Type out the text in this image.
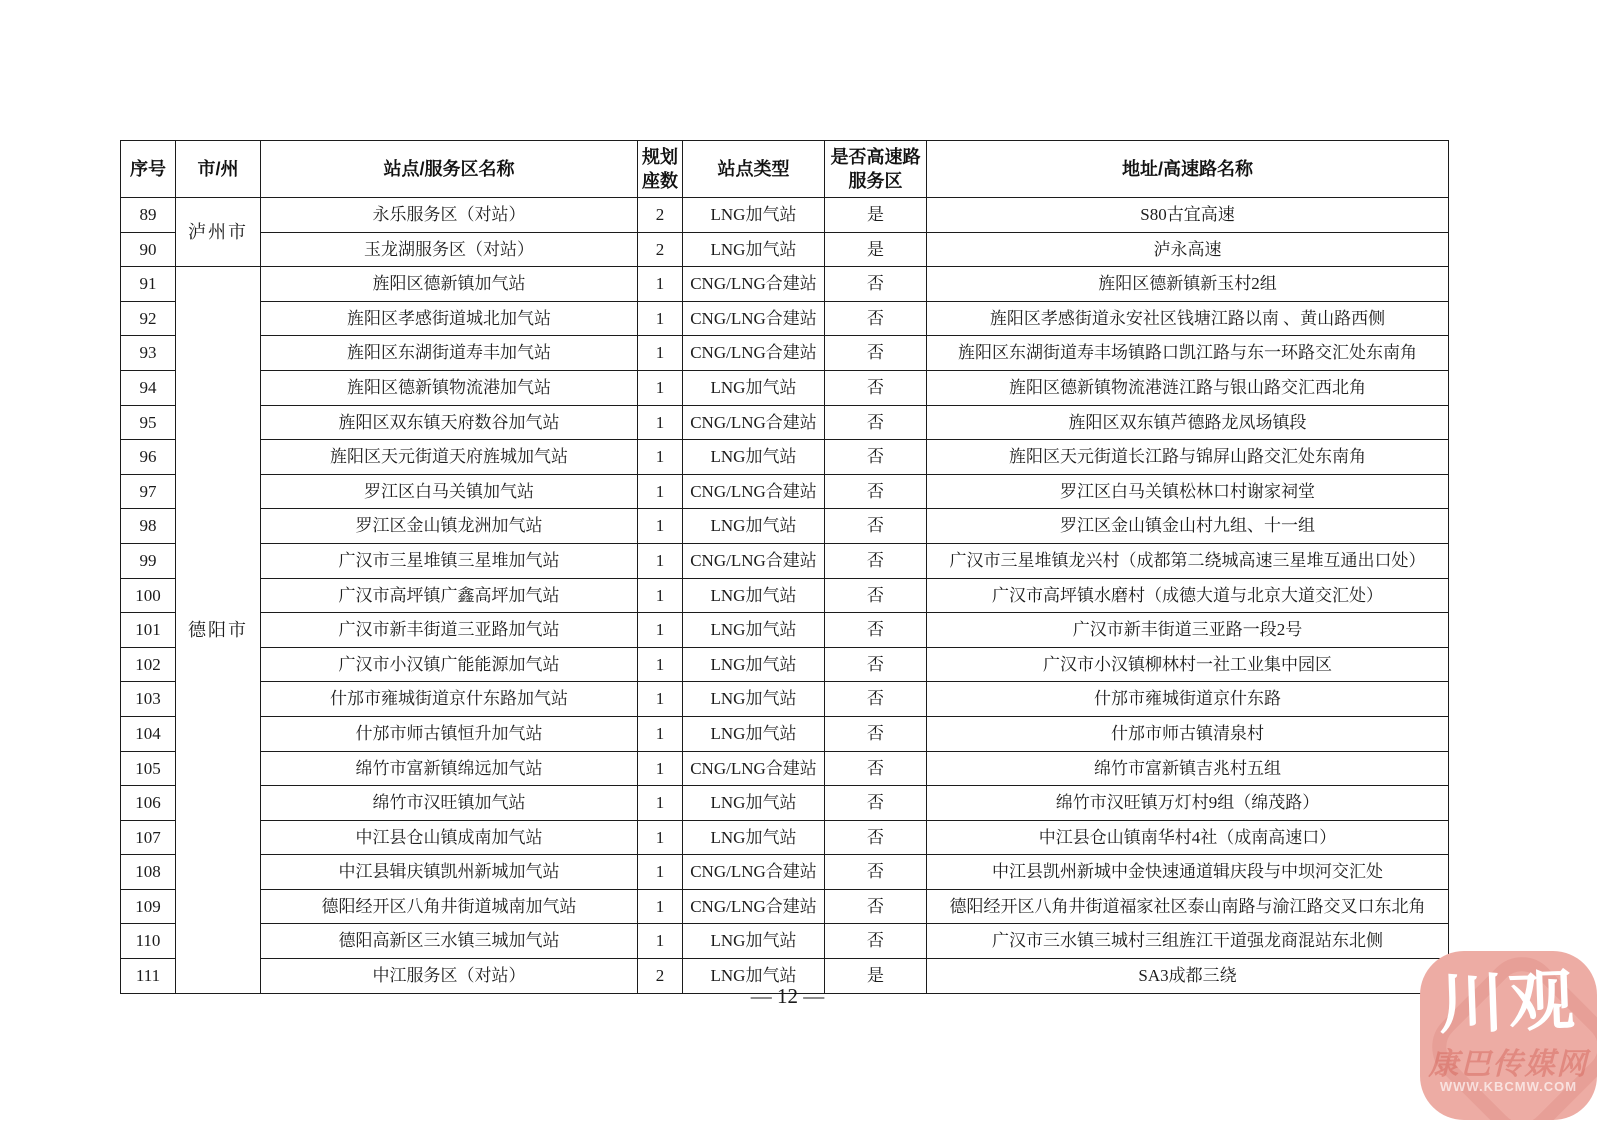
序号	市/州	站点/服务区名称	规划座数	站点类型	是否高速路服务区	地址/高速路名称
89	泸州市	永乐服务区（对站）	2	LNG加气站	是	S80古宜高速
90		玉龙湖服务区（对站）	2	LNG加气站	是	泸永高速
91	德阳市	旌阳区德新镇加气站	1	CNG/LNG合建站	否	旌阳区德新镇新玉村2组
92		旌阳区孝感街道城北加气站	1	CNG/LNG合建站	否	旌阳区孝感街道永安社区钱塘江路以南 、黄山路西侧
93		旌阳区东湖街道寿丰加气站	1	CNG/LNG合建站	否	旌阳区东湖街道寿丰场镇路口凯江路与东一环路交汇处东南角
94		旌阳区德新镇物流港加气站	1	LNG加气站	否	旌阳区德新镇物流港涟江路与银山路交汇西北角
95		旌阳区双东镇天府数谷加气站	1	CNG/LNG合建站	否	旌阳区双东镇芦德路龙凤场镇段
96		旌阳区天元街道天府旌城加气站	1	LNG加气站	否	旌阳区天元街道长江路与锦屏山路交汇处东南角
97		罗江区白马关镇加气站	1	CNG/LNG合建站	否	罗江区白马关镇松林口村谢家祠堂
98		罗江区金山镇龙洲加气站	1	LNG加气站	否	罗江区金山镇金山村九组、十一组
99		广汉市三星堆镇三星堆加气站	1	CNG/LNG合建站	否	广汉市三星堆镇龙兴村（成都第二绕城高速三星堆互通出口处）
100		广汉市高坪镇广鑫高坪加气站	1	LNG加气站	否	广汉市高坪镇水磨村（成德大道与北京大道交汇处）
101		广汉市新丰街道三亚路加气站	1	LNG加气站	否	广汉市新丰街道三亚路一段2号
102		广汉市小汉镇广能能源加气站	1	LNG加气站	否	广汉市小汉镇柳林村一社工业集中园区
103		什邡市雍城街道京什东路加气站	1	LNG加气站	否	什邡市雍城街道京什东路
104		什邡市师古镇恒升加气站	1	LNG加气站	否	什邡市师古镇清泉村
105		绵竹市富新镇绵远加气站	1	CNG/LNG合建站	否	绵竹市富新镇吉兆村五组
106		绵竹市汉旺镇加气站	1	LNG加气站	否	绵竹市汉旺镇万灯村9组（绵茂路）
107		中江县仓山镇成南加气站	1	LNG加气站	否	中江县仓山镇南华村4社（成南高速口）
108		中江县辑庆镇凯州新城加气站	1	CNG/LNG合建站	否	中江县凯州新城中金快速通道辑庆段与中坝河交汇处
109		德阳经开区八角井街道城南加气站	1	CNG/LNG合建站	否	德阳经开区八角井街道福家社区泰山南路与渝江路交叉口东北角
110		德阳高新区三水镇三城加气站	1	LNG加气站	否	广汉市三水镇三城村三组旌江干道强龙商混站东北侧
111		中江服务区（对站）	2	LNG加气站	是	SA3成都三绕
— 12 —	川观
康巴传媒网
WWW.KBCMW.COM
